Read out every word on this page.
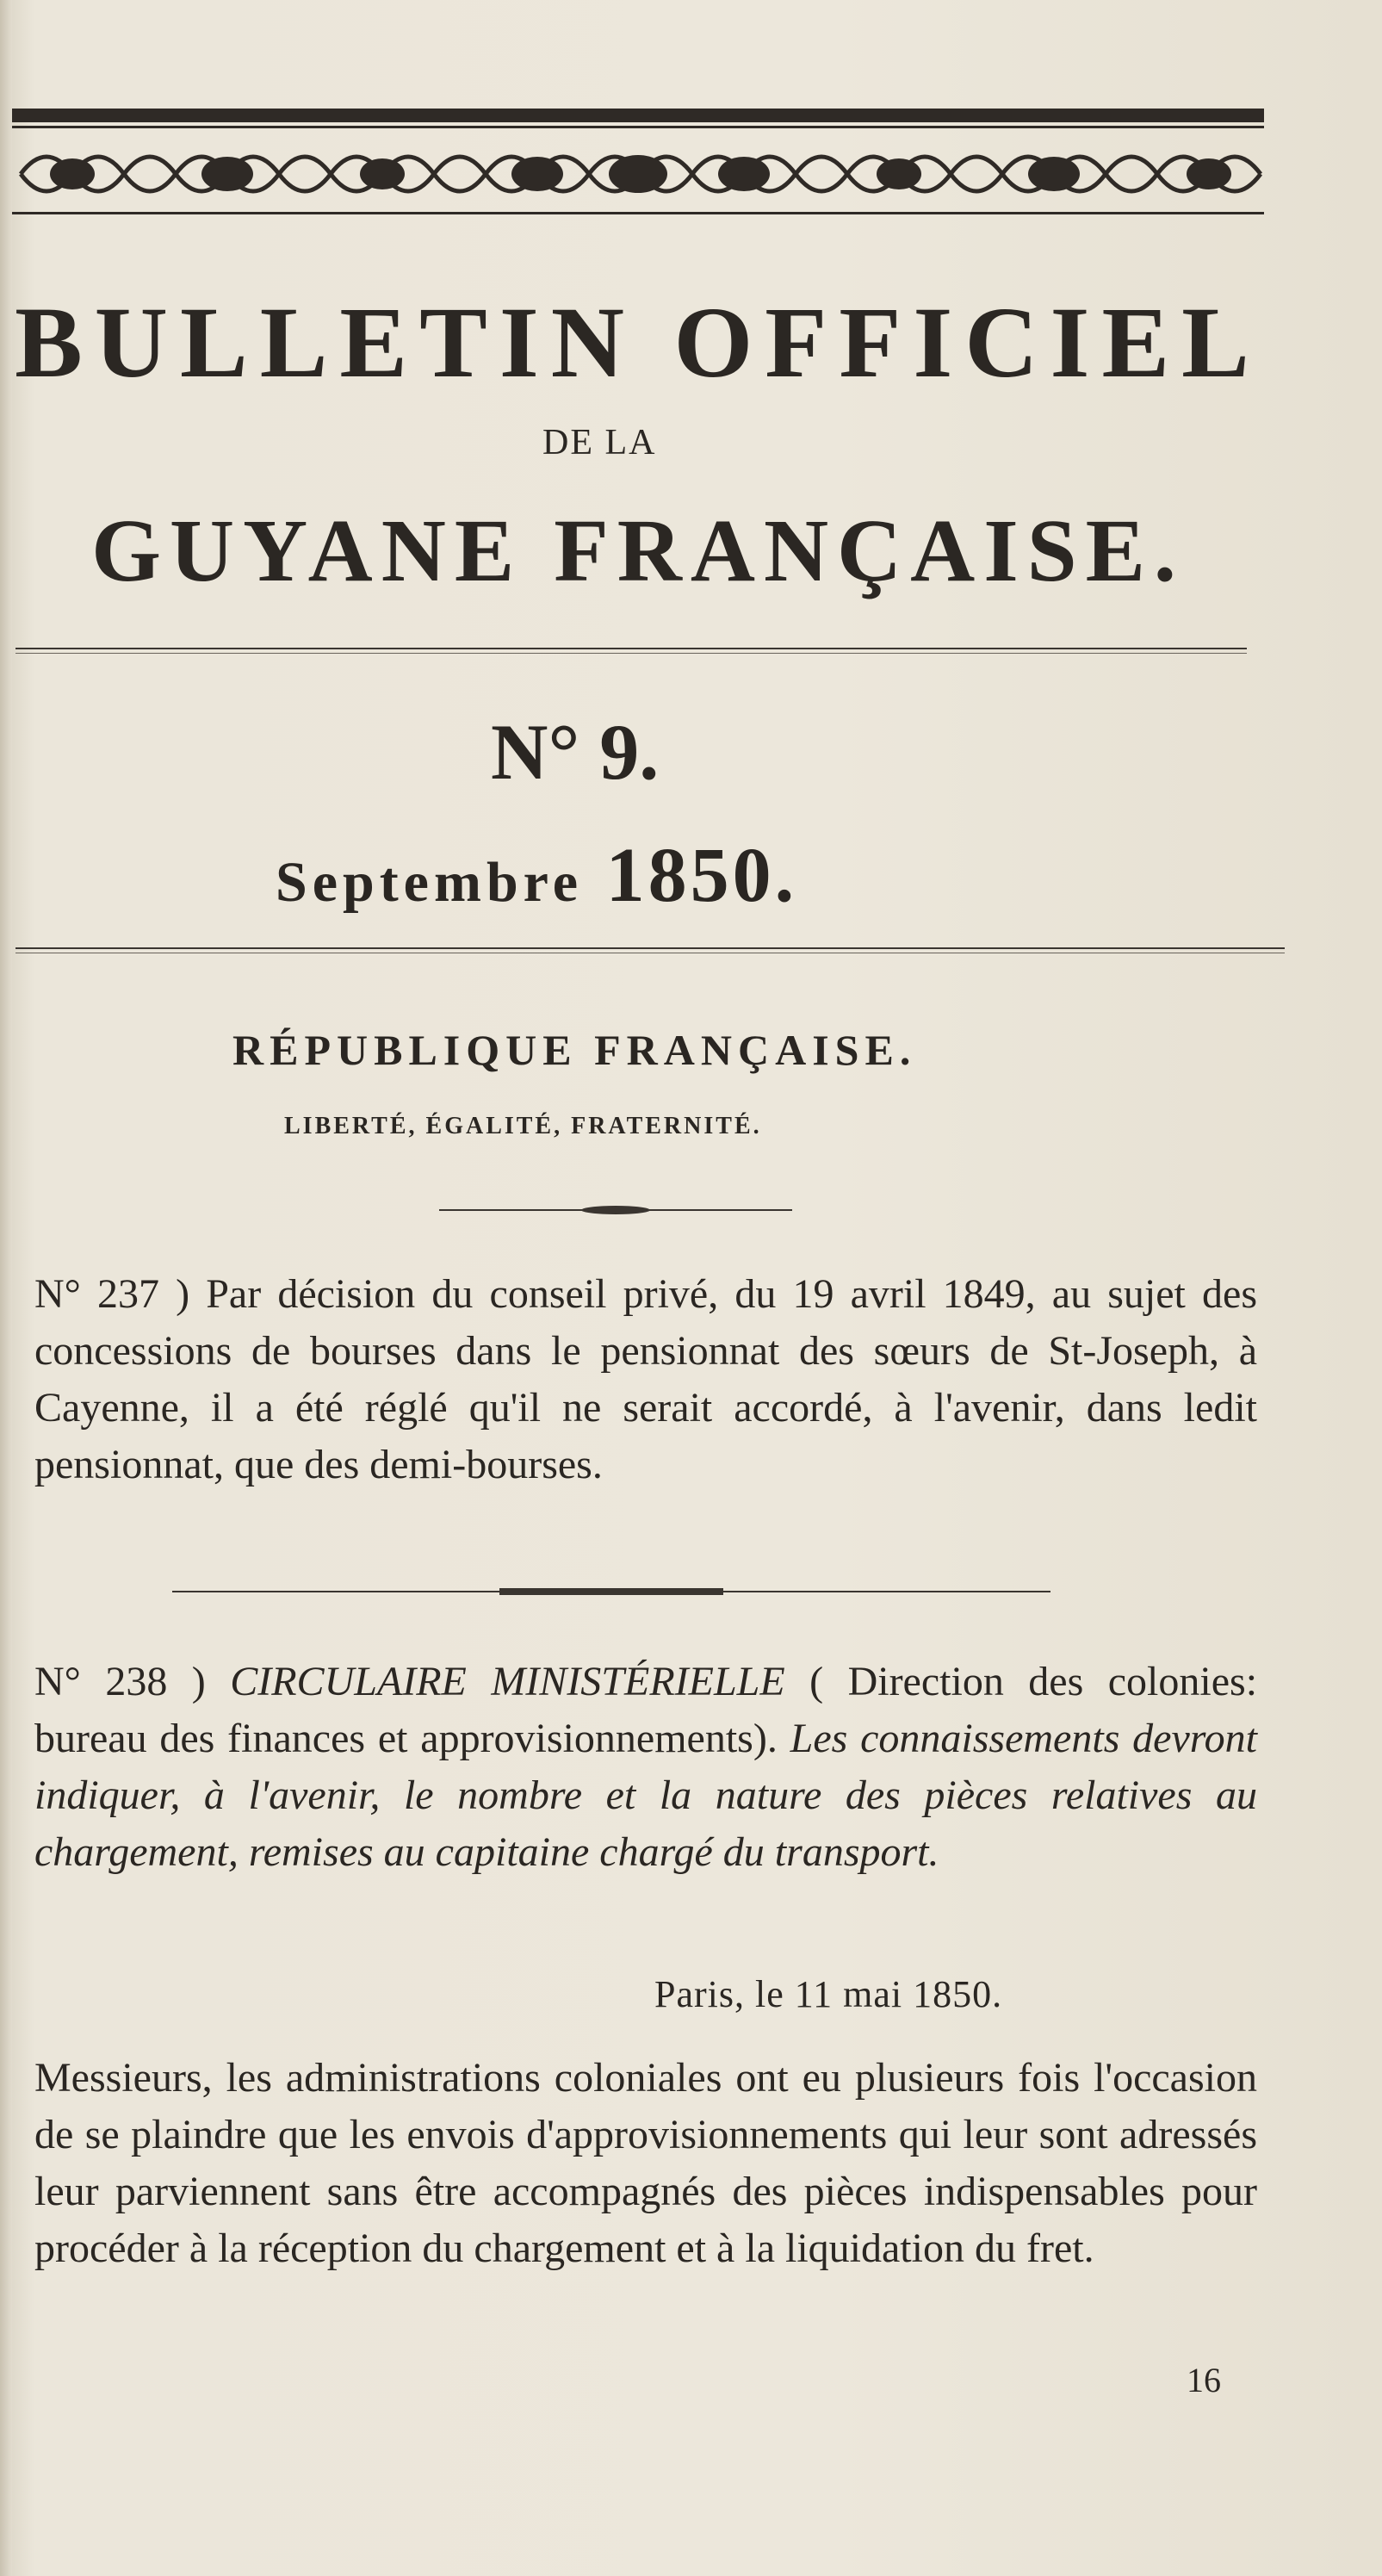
BULLETIN OFFICIEL
DE LA
GUYANE FRANÇAISE.
N° 9.
Septembre 1850.
RÉPUBLIQUE FRANÇAISE.
LIBERTÉ, ÉGALITÉ, FRATERNITÉ.
N° 237 ) Par décision du conseil privé, du 19 avril 1849, au sujet des concessions de bourses dans le pensionnat des sœurs de St-Joseph, à Cayenne, il a été réglé qu'il ne serait accordé, à l'avenir, dans ledit pensionnat, que des demi-bourses.
N° 238 ) CIRCULAIRE MINISTÉRIELLE ( Direction des colonies: bureau des finances et approvisionnements). Les connaissements devront indiquer, à l'avenir, le nombre et la nature des pièces relatives au chargement, remises au capitaine chargé du transport.
Paris, le 11 mai 1850.
Messieurs, les administrations coloniales ont eu plusieurs fois l'occasion de se plaindre que les envois d'approvisionnements qui leur sont adressés leur parviennent sans être accompagnés des pièces indispensables pour procéder à la réception du chargement et à la liquidation du fret.
16
